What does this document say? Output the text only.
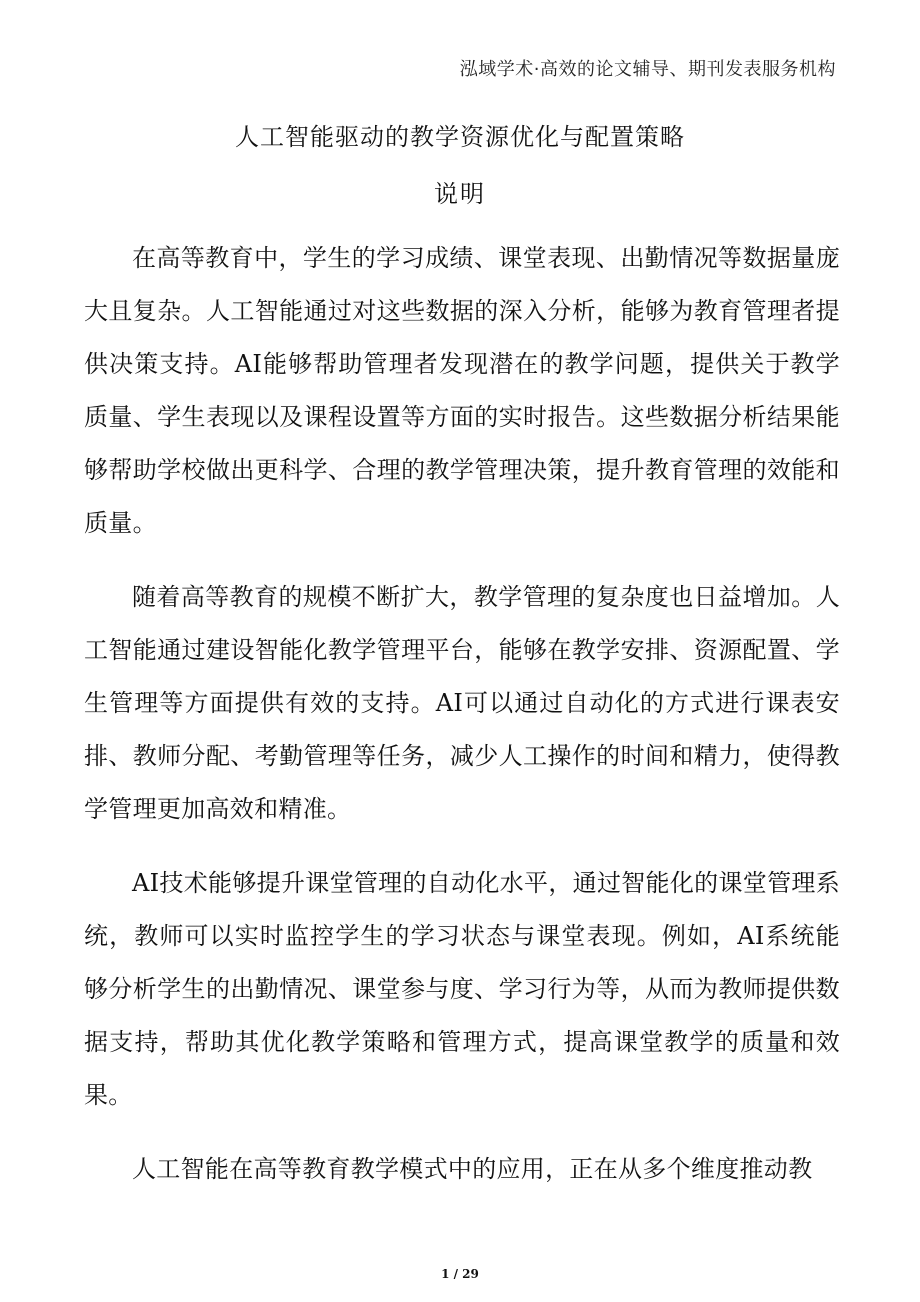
泓域学术·高效的论文辅导、期刊发表服务机构
人工智能驱动的教学资源优化与配置策略
说明

在高等教育中，学生的学习成绩、课堂表现、出勤情况等数据量庞大且复杂。人工智能通过对这些数据的深入分析，能够为教育管理者提供决策支持。AI能够帮助管理者发现潜在的教学问题，提供关于教学质量、学生表现以及课程设置等方面的实时报告。这些数据分析结果能够帮助学校做出更科学、合理的教学管理决策，提升教育管理的效能和质量。

随着高等教育的规模不断扩大，教学管理的复杂度也日益增加。人工智能通过建设智能化教学管理平台，能够在教学安排、资源配置、学生管理等方面提供有效的支持。AI可以通过自动化的方式进行课表安排、教师分配、考勤管理等任务，减少人工操作的时间和精力，使得教学管理更加高效和精准。

AI技术能够提升课堂管理的自动化水平，通过智能化的课堂管理系统，教师可以实时监控学生的学习状态与课堂表现。例如，AI系统能够分析学生的出勤情况、课堂参与度、学习行为等，从而为教师提供数据支持，帮助其优化教学策略和管理方式，提高课堂教学的质量和效果。

人工智能在高等教育教学模式中的应用，正在从多个维度推动教

1 / 29
